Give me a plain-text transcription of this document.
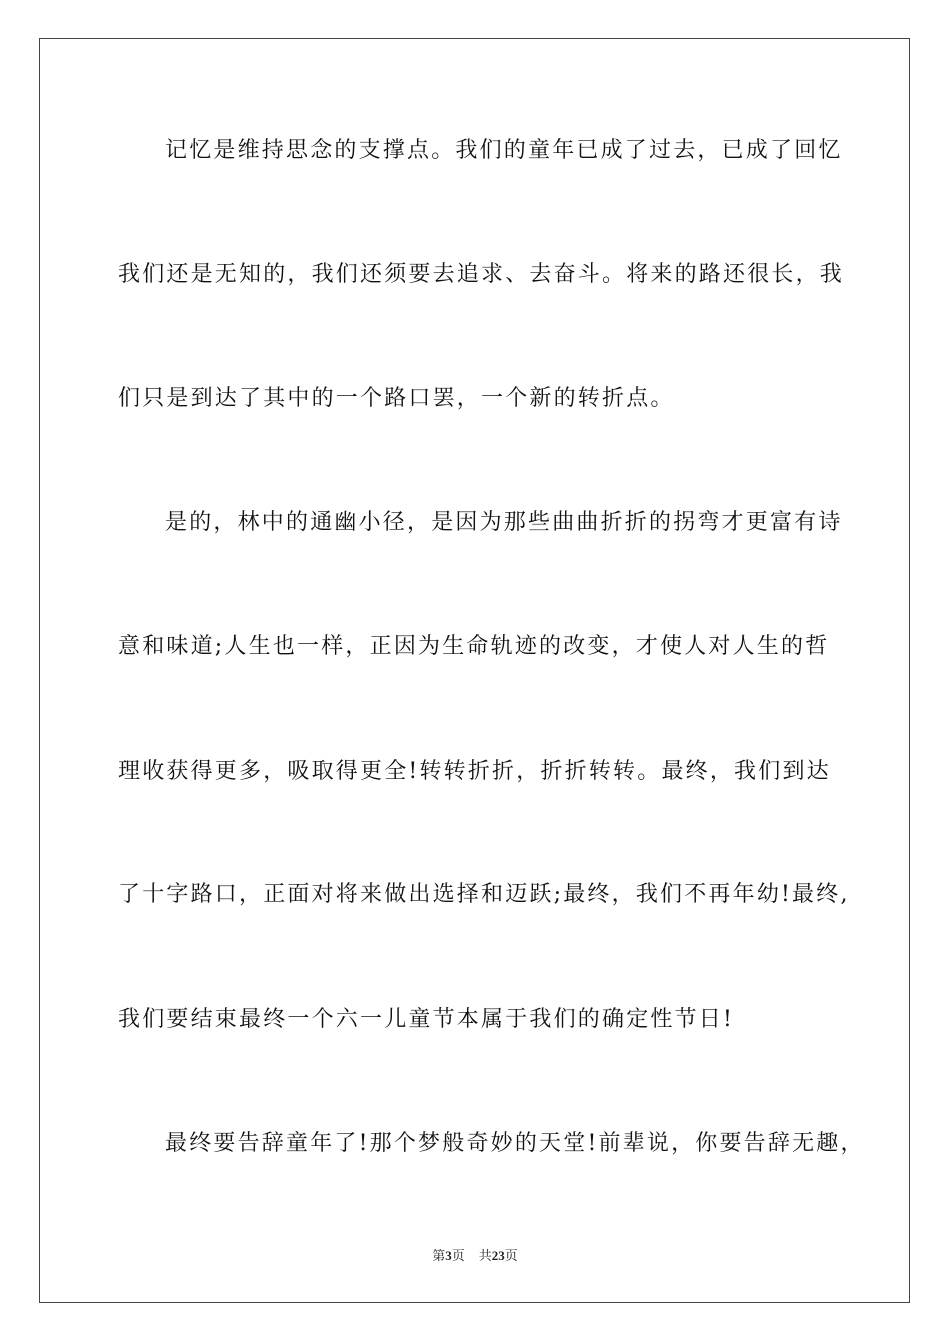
记忆是维持思念的支撑点。我们的童年已成了过去，已成了回忆
我们还是无知的，我们还须要去追求、去奋斗。将来的路还很长，我
们只是到达了其中的一个路口罢，一个新的转折点。
是的，林中的通幽小径，是因为那些曲曲折折的拐弯才更富有诗
意和味道;人生也一样，正因为生命轨迹的改变，才使人对人生的哲
理收获得更多，吸取得更全!转转折折，折折转转。最终，我们到达
了十字路口，正面对将来做出选择和迈跃;最终，我们不再年幼!最终,
我们要结束最终一个六一儿童节本属于我们的确定性节日!
最终要告辞童年了!那个梦般奇妙的天堂!前辈说，你要告辞无趣，
第3页 共23页
